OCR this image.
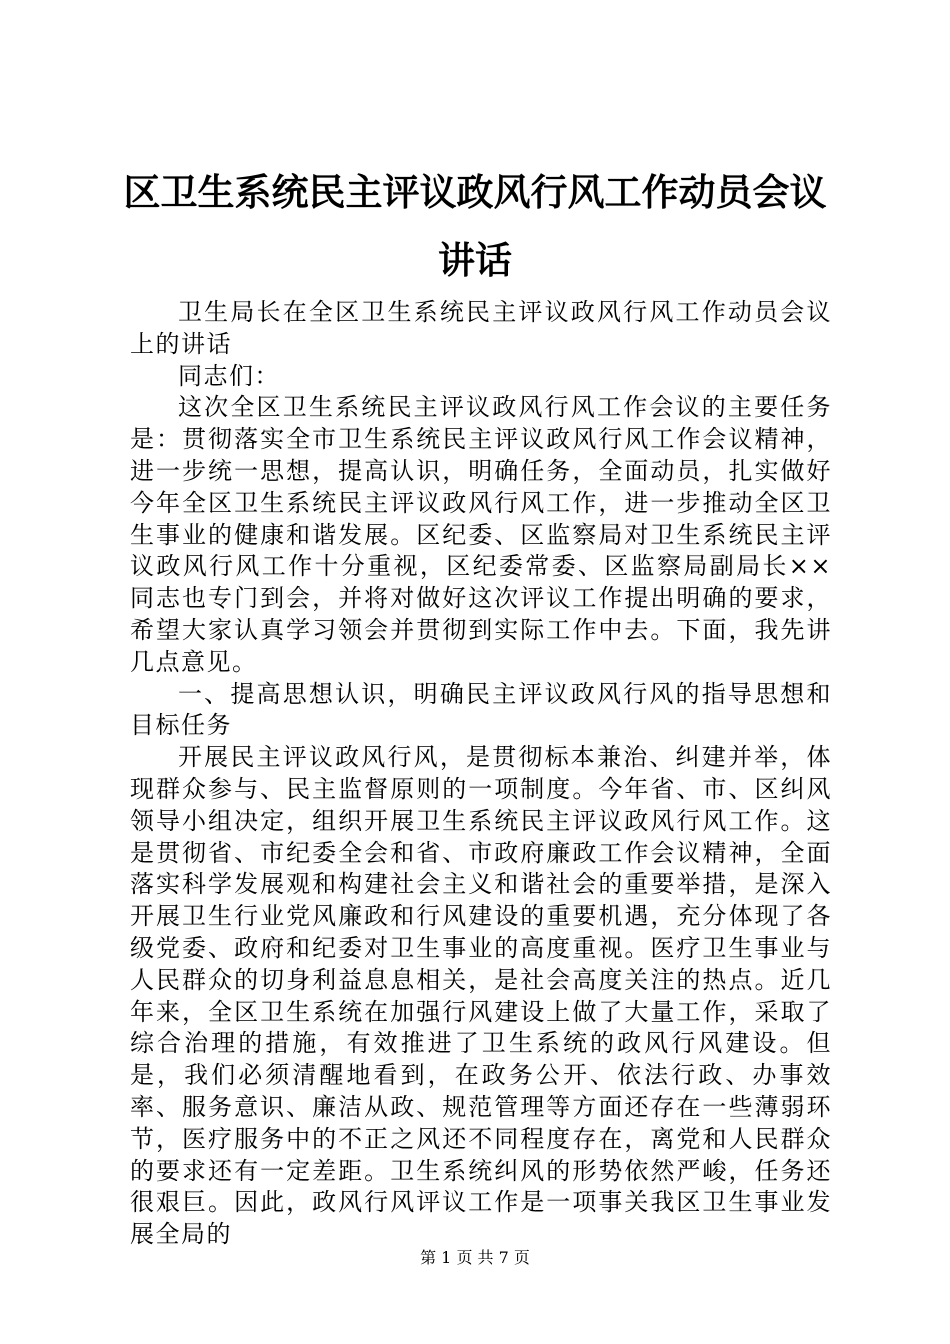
区卫生系统民主评议政风行风工作动员会议讲话

卫生局长在全区卫生系统民主评议政风行风工作动员会议上的讲话

同志们：

这次全区卫生系统民主评议政风行风工作会议的主要任务是：贯彻落实全市卫生系统民主评议政风行风工作会议精神，进一步统一思想，提高认识，明确任务，全面动员，扎实做好今年全区卫生系统民主评议政风行风工作，进一步推动全区卫生事业的健康和谐发展。区纪委、区监察局对卫生系统民主评议政风行风工作十分重视，区纪委常委、区监察局副局长××同志也专门到会，并将对做好这次评议工作提出明确的要求，希望大家认真学习领会并贯彻到实际工作中去。下面，我先讲几点意见。

一、提高思想认识，明确民主评议政风行风的指导思想和目标任务

开展民主评议政风行风，是贯彻标本兼治、纠建并举，体现群众参与、民主监督原则的一项制度。今年省、市、区纠风领导小组决定，组织开展卫生系统民主评议政风行风工作。这是贯彻省、市纪委全会和省、市政府廉政工作会议精神，全面落实科学发展观和构建社会主义和谐社会的重要举措，是深入开展卫生行业党风廉政和行风建设的重要机遇，充分体现了各级党委、政府和纪委对卫生事业的高度重视。医疗卫生事业与人民群众的切身利益息息相关，是社会高度关注的热点。近几年来，全区卫生系统在加强行风建设上做了大量工作，采取了综合治理的措施，有效推进了卫生系统的政风行风建设。但是，我们必须清醒地看到，在政务公开、依法行政、办事效率、服务意识、廉洁从政、规范管理等方面还存在一些薄弱环节，医疗服务中的不正之风还不同程度存在，离党和人民群众的要求还有一定差距。卫生系统纠风的形势依然严峻，任务还很艰巨。因此，政风行风评议工作是一项事关我区卫生事业发展全局的

第 1 页 共 7 页
